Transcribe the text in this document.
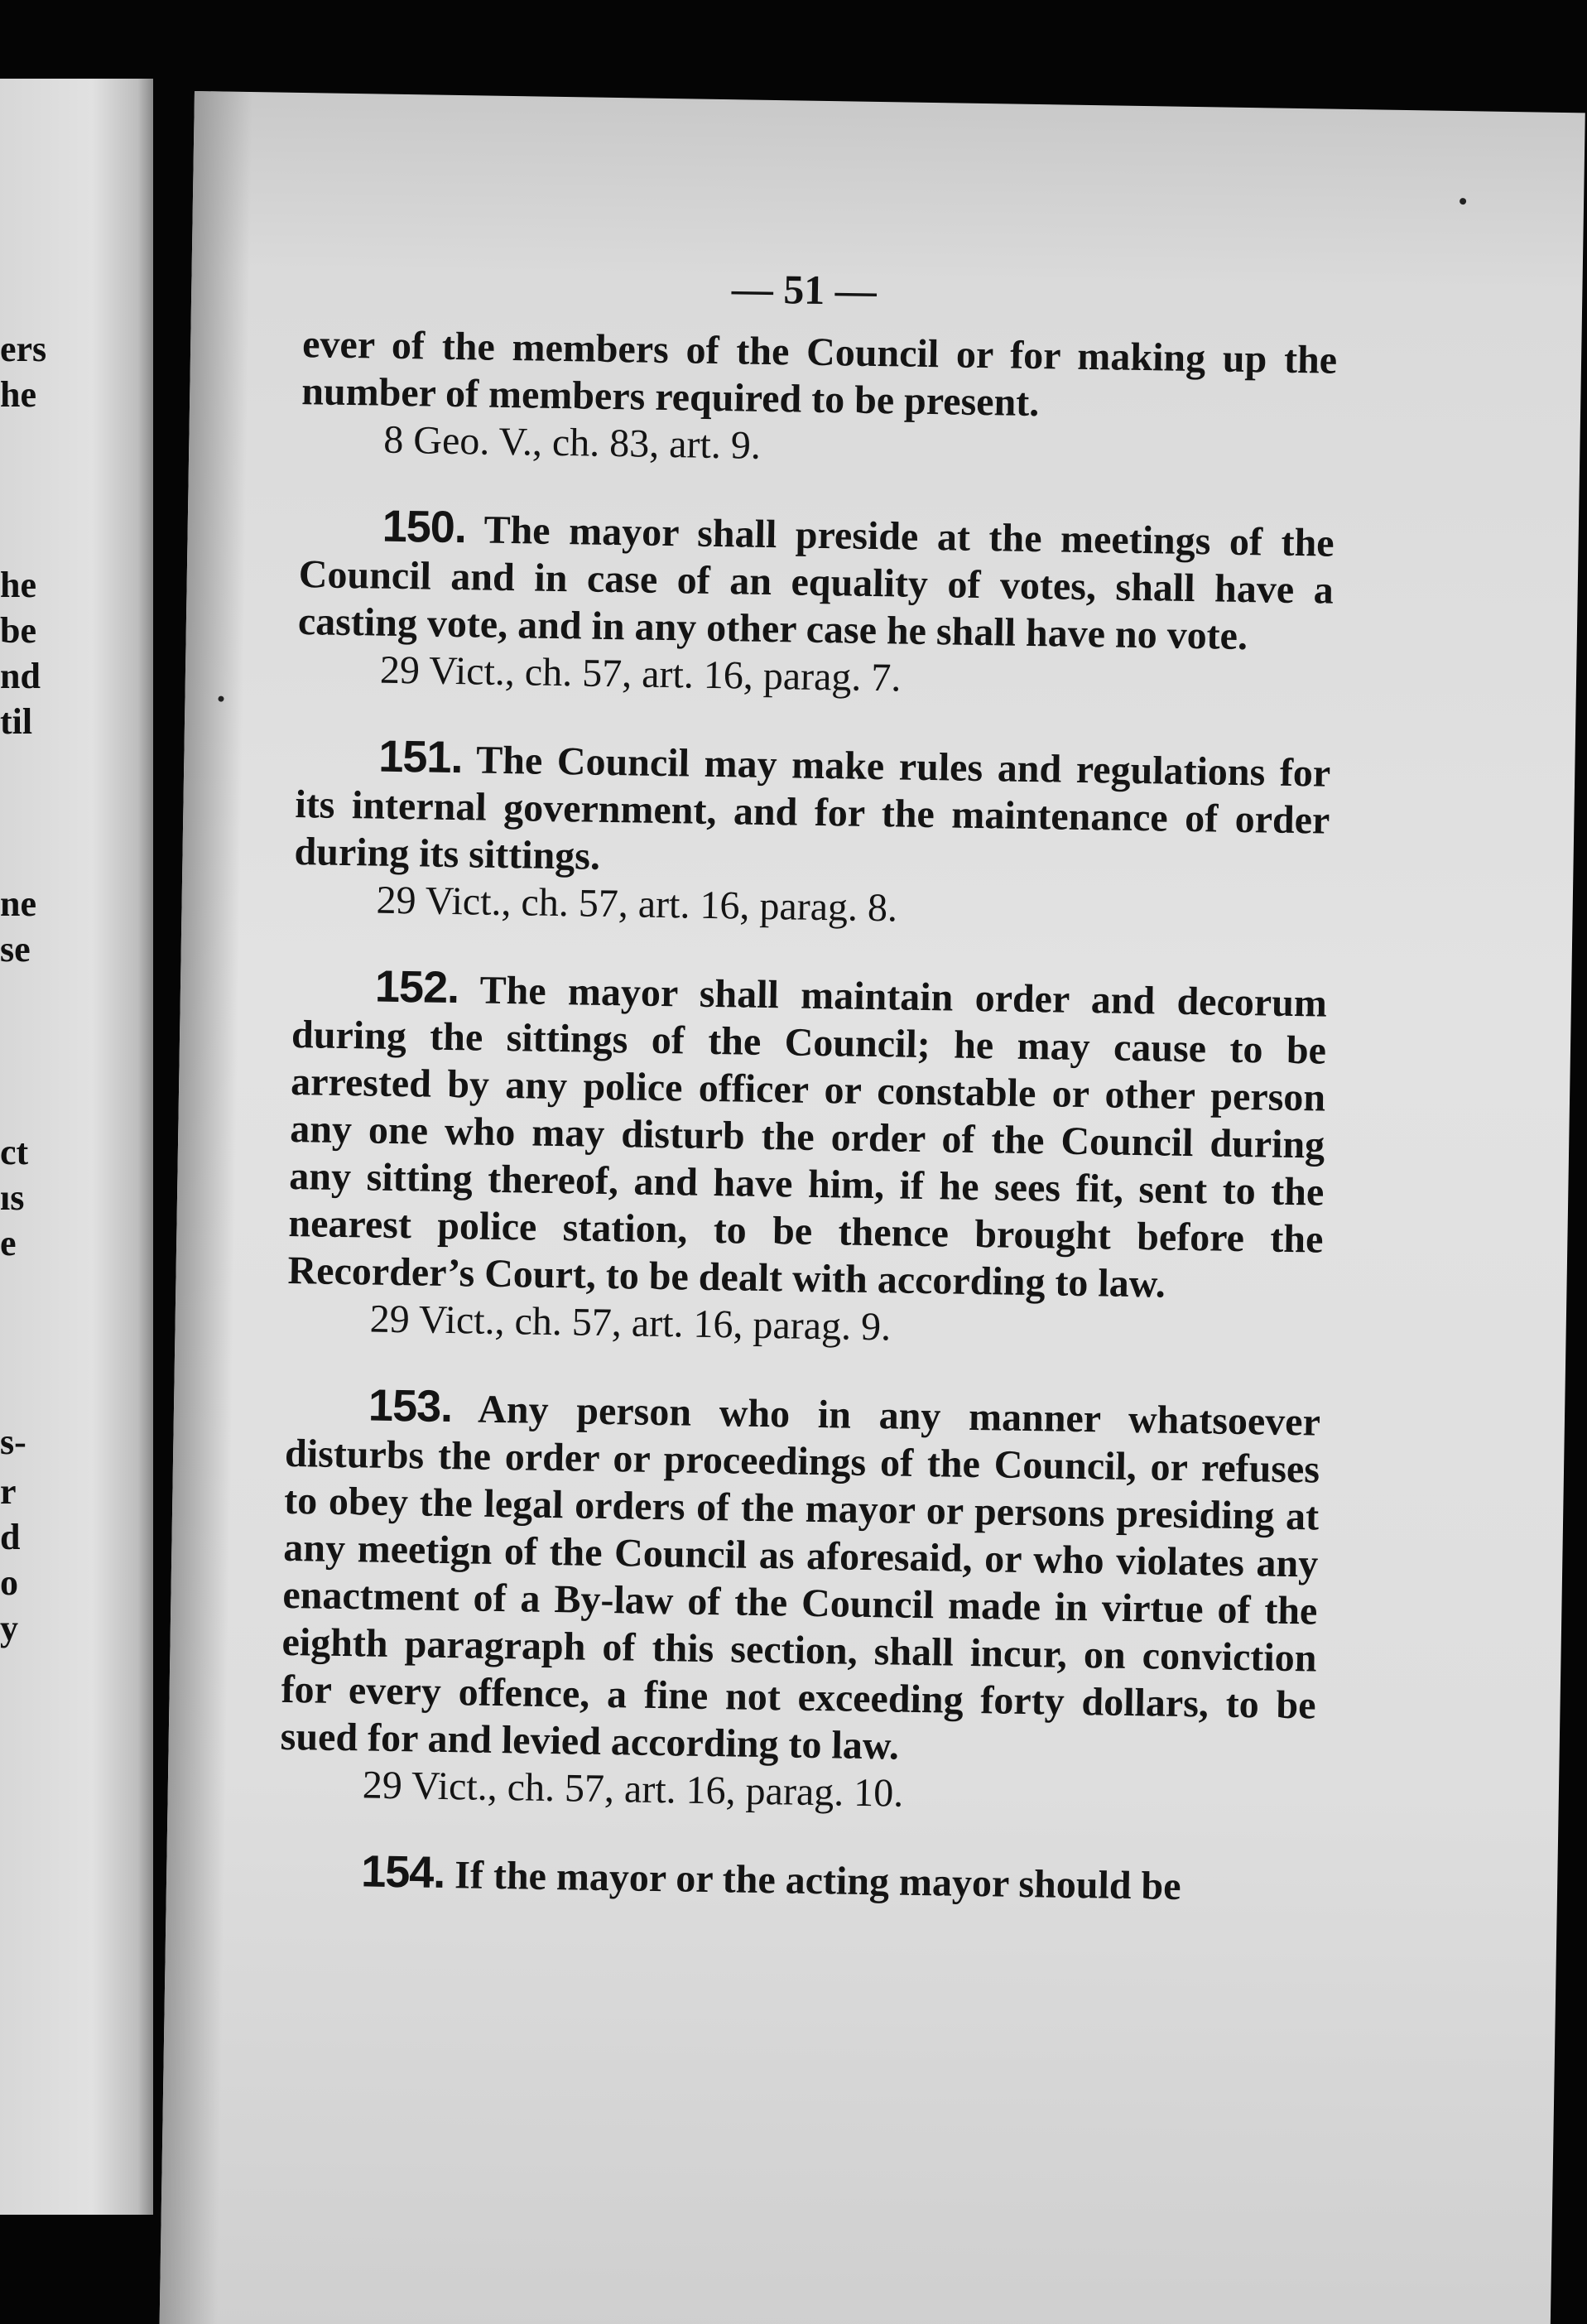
ers
he
he
be
nd
til
ne
se
ct
ıs
e
s-
r
d
o
y
— 51 —

ever of the members of the Council or for making up the number of members required to be present.

8 Geo. V., ch. 83, art. 9.

150. The mayor shall preside at the meetings of the Council and in case of an equality of votes, shall have a casting vote, and in any other case he shall have no vote.

29 Vict., ch. 57, art. 16, parag. 7.

151. The Council may make rules and regulations for its internal government, and for the maintenance of order during its sittings.

29 Vict., ch. 57, art. 16, parag. 8.

152. The mayor shall maintain order and decorum during the sittings of the Council; he may cause to be arrested by any police officer or constable or other person any one who may disturb the order of the Council during any sitting thereof, and have him, if he sees fit, sent to the nearest police station, to be thence brought before the Recorder’s Court, to be dealt with according to law.

29 Vict., ch. 57, art. 16, parag. 9.

153. Any person who in any manner whatsoever disturbs the order or proceedings of the Council, or refuses to obey the legal orders of the mayor or persons presiding at any meetign of the Council as aforesaid, or who violates any enactment of a By-law of the Council made in virtue of the eighth paragraph of this section, shall incur, on conviction for every offence, a fine not exceeding forty dollars, to be sued for and levied according to law.

29 Vict., ch. 57, art. 16, parag. 10.

154. If the mayor or the acting mayor should be
